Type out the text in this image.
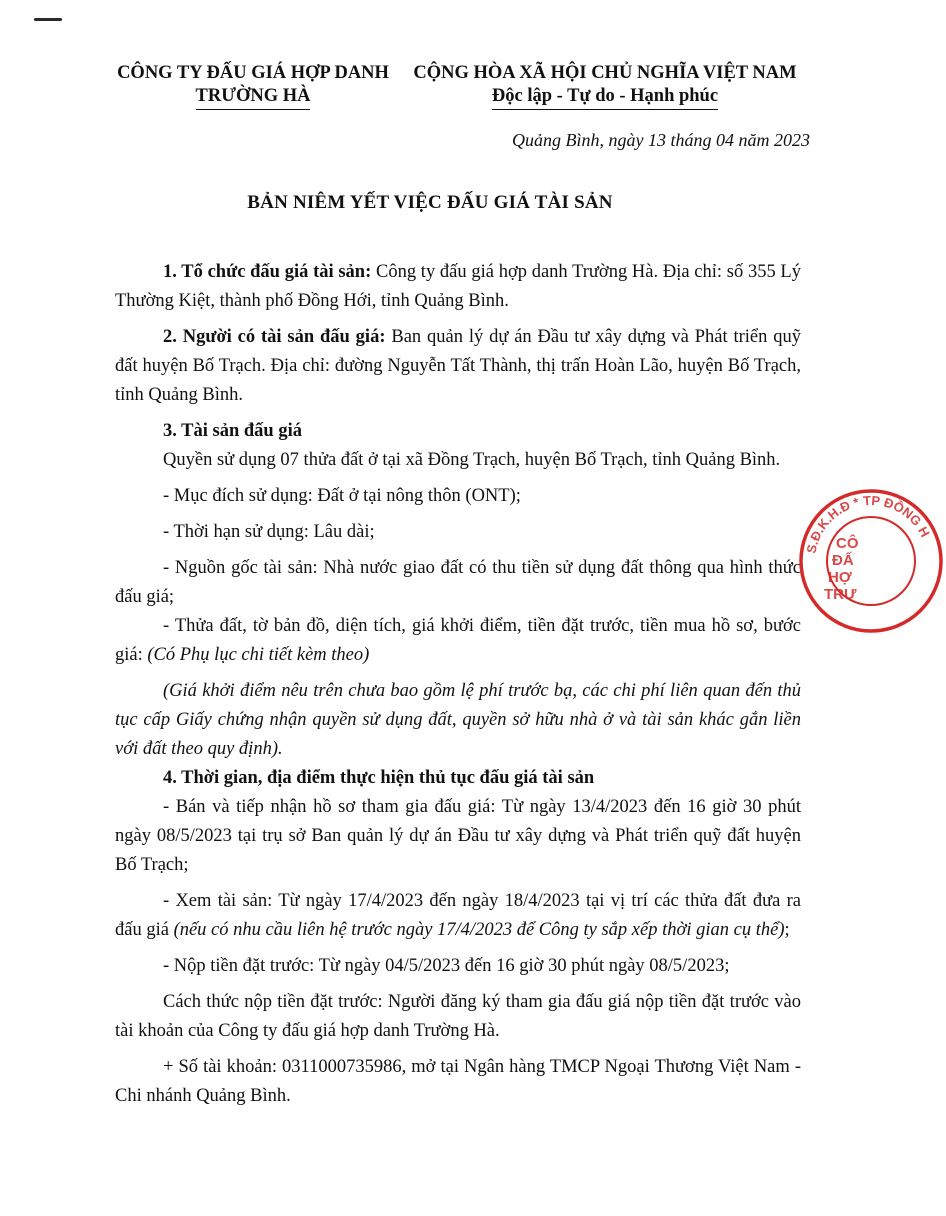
CÔNG TY ĐẤU GIÁ HỢP DANH
TRƯỜNG HÀ
CỘNG HÒA XÃ HỘI CHỦ NGHĨA VIỆT NAM
Độc lập - Tự do - Hạnh phúc
Quảng Bình, ngày 13 tháng 04 năm 2023
BẢN NIÊM YẾT VIỆC ĐẤU GIÁ TÀI SẢN

1. Tổ chức đấu giá tài sản: Công ty đấu giá hợp danh Trường Hà. Địa chỉ: số 355 Lý Thường Kiệt, thành phố Đồng Hới, tỉnh Quảng Bình.

2. Người có tài sản đấu giá: Ban quản lý dự án Đầu tư xây dựng và Phát triển quỹ đất huyện Bố Trạch. Địa chỉ: đường Nguyễn Tất Thành, thị trấn Hoàn Lão, huyện Bố Trạch, tỉnh Quảng Bình.

3. Tài sản đấu giá

Quyền sử dụng 07 thửa đất ở tại xã Đồng Trạch, huyện Bố Trạch, tỉnh Quảng Bình.

- Mục đích sử dụng: Đất ở tại nông thôn (ONT);

- Thời hạn sử dụng: Lâu dài;

- Nguồn gốc tài sản: Nhà nước giao đất có thu tiền sử dụng đất thông qua hình thức đấu giá;

- Thửa đất, tờ bản đồ, diện tích, giá khởi điểm, tiền đặt trước, tiền mua hồ sơ, bước giá: (Có Phụ lục chi tiết kèm theo)

(Giá khởi điểm nêu trên chưa bao gồm lệ phí trước bạ, các chi phí liên quan đến thủ tục cấp Giấy chứng nhận quyền sử dụng đất, quyền sở hữu nhà ở và tài sản khác gắn liền với đất theo quy định).

4. Thời gian, địa điểm thực hiện thủ tục đấu giá tài sản

- Bán và tiếp nhận hồ sơ tham gia đấu giá: Từ ngày 13/4/2023 đến 16 giờ 30 phút ngày 08/5/2023 tại trụ sở Ban quản lý dự án Đầu tư xây dựng và Phát triển quỹ đất huyện Bố Trạch;

- Xem tài sản: Từ ngày 17/4/2023 đến ngày 18/4/2023 tại vị trí các thửa đất đưa ra đấu giá (nếu có nhu cầu liên hệ trước ngày 17/4/2023 để Công ty sắp xếp thời gian cụ thể);

- Nộp tiền đặt trước: Từ ngày 04/5/2023 đến 16 giờ 30 phút ngày 08/5/2023;

Cách thức nộp tiền đặt trước: Người đăng ký tham gia đấu giá nộp tiền đặt trước vào tài khoản của Công ty đấu giá hợp danh Trường Hà.

+ Số tài khoản: 0311000735986, mở tại Ngân hàng TMCP Ngoại Thương Việt Nam - Chi nhánh Quảng Bình.

S.Đ.K.H.Đ * TP ĐỒNG H
CÔ ĐẤ HỢ TRƯ
